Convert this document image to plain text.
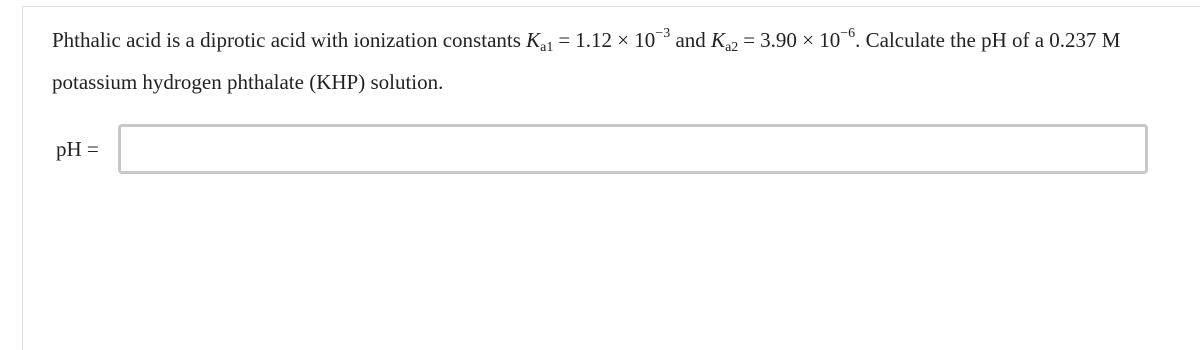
Phthalic acid is a diprotic acid with ionization constants $K_{a1} = 1.12 \times 10^{-3}$ and $K_{a2} = 3.90 \times 10^{-6}$. Calculate the pH of a 0.237 M potassium hydrogen phthalate (KHP) solution.
pH =
